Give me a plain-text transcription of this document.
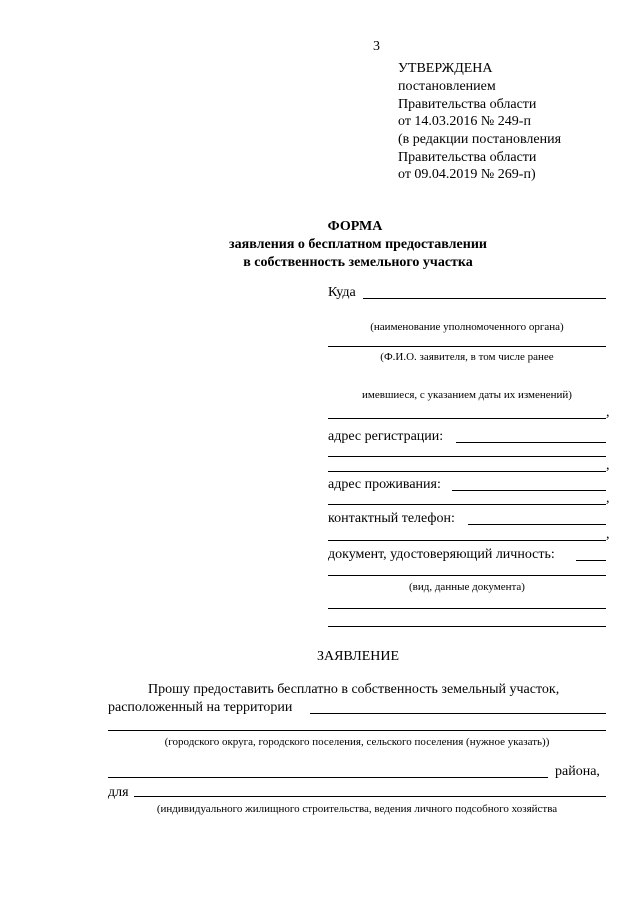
3
УТВЕРЖДЕНА
постановлением
Правительства области
от 14.03.2016 № 249-п
(в редакции постановления
Правительства области
от 09.04.2019 № 269-п)
ФОРМА
заявления о бесплатном предоставлении
в собственность земельного участка
Куда
(наименование уполномоченного органа)
(Ф.И.О. заявителя, в том числе ранее
имевшиеся, с указанием даты их изменений)
,
адрес регистрации:
,
адрес проживания:
,
контактный телефон:
,
документ, удостоверяющий личность:
(вид, данные документа)
ЗАЯВЛЕНИЕ
Прошу предоставить бесплатно в собственность земельный участок,
расположенный на территории
(городского округа, городского поселения, сельского поселения (нужное указать))
района,
для
(индивидуального жилищного строительства, ведения личного подсобного хозяйства
